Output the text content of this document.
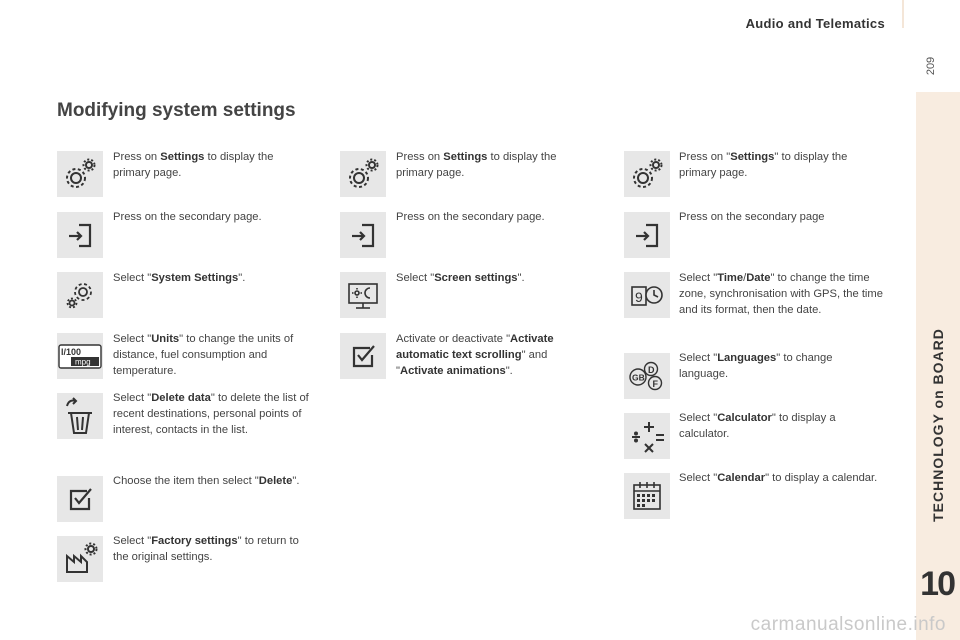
Audio and Telematics
209
TECHNOLOGY on BOARD
10
carmanualsonline.info
Modifying system settings
Press on Settings to display the primary page.
Press on the secondary page.
Select "System Settings".
l/100
mpg
Select "Units" to change the units of distance, fuel consumption and temperature.
Select "Delete data" to delete the list of recent destinations, personal points of interest, contacts in the list.
Choose the item then select "Delete".
Select "Factory settings" to return to the original settings.
Press on Settings to display the primary page.
Press on the secondary page.
Select "Screen settings".
Activate or deactivate "Activate automatic text scrolling" and "Activate animations".
Press on "Settings" to display the primary page.
Press on the secondary page
9
Select "Time/Date" to change the time zone, synchronisation with GPS, the time and its format, then the date.
D
GB
F
Select "Languages" to change language.
Select "Calculator" to display a calculator.
Select "Calendar" to display a calendar.
